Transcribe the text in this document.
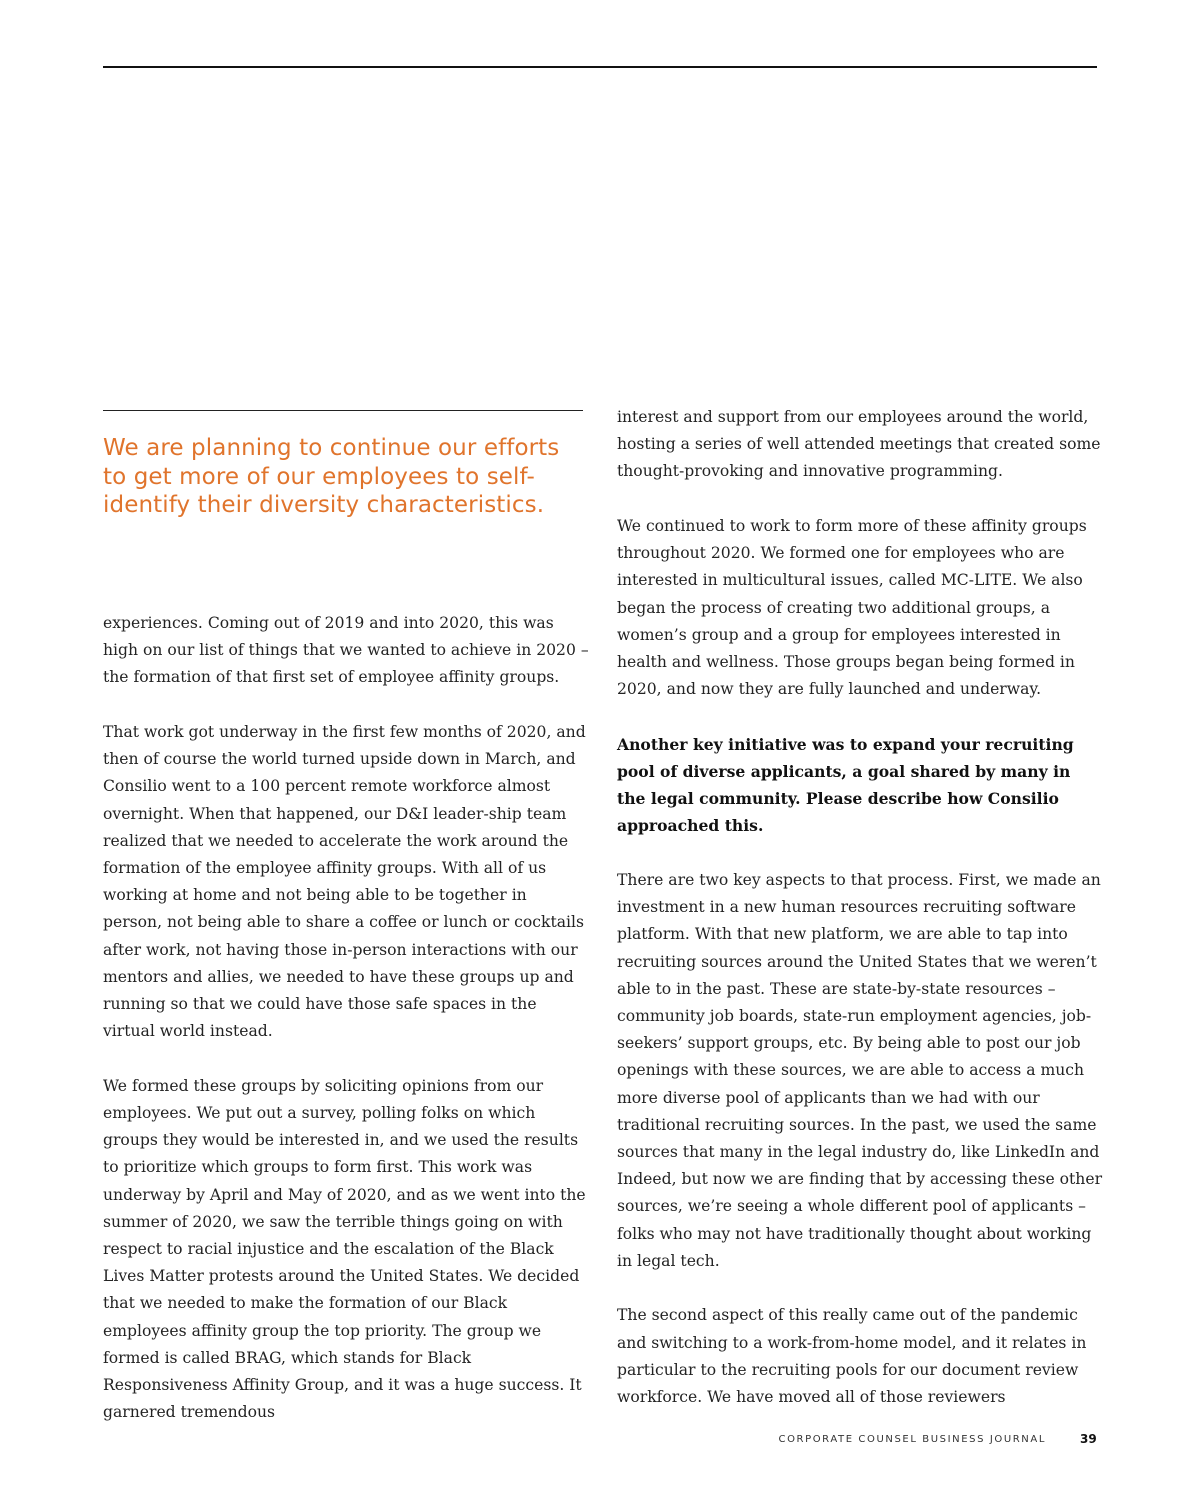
We are planning to continue our efforts to get more of our employees to self-identify their diversity characteristics.

experiences. Coming out of 2019 and into 2020, this was high on our list of things that we wanted to achieve in 2020 – the formation of that first set of employee affinity groups.

That work got underway in the first few months of 2020, and then of course the world turned upside down in March, and Consilio went to a 100 percent remote workforce almost overnight. When that happened, our D&I leader-ship team realized that we needed to accelerate the work around the formation of the employee affinity groups. With all of us working at home and not being able to be together in person, not being able to share a coffee or lunch or cocktails after work, not having those in-person interactions with our mentors and allies, we needed to have these groups up and running so that we could have those safe spaces in the virtual world instead.

We formed these groups by soliciting opinions from our employees. We put out a survey, polling folks on which groups they would be interested in, and we used the results to prioritize which groups to form first. This work was underway by April and May of 2020, and as we went into the summer of 2020, we saw the terrible things going on with respect to racial injustice and the escalation of the Black Lives Matter protests around the United States. We decided that we needed to make the formation of our Black employees affinity group the top priority. The group we formed is called BRAG, which stands for Black Responsiveness Affinity Group, and it was a huge success. It garnered tremendous

interest and support from our employees around the world, hosting a series of well attended meetings that created some thought-provoking and innovative programming.

We continued to work to form more of these affinity groups throughout 2020. We formed one for employees who are interested in multicultural issues, called MC-LITE. We also began the process of creating two additional groups, a women’s group and a group for employees interested in health and wellness. Those groups began being formed in 2020, and now they are fully launched and underway.

Another key initiative was to expand your recruiting pool of diverse applicants, a goal shared by many in the legal community. Please describe how Consilio approached this.

There are two key aspects to that process. First, we made an investment in a new human resources recruiting software platform. With that new platform, we are able to tap into recruiting sources around the United States that we weren’t able to in the past. These are state-by-state resources – community job boards, state-run employment agencies, job-seekers’ support groups, etc. By being able to post our job openings with these sources, we are able to access a much more diverse pool of applicants than we had with our traditional recruiting sources. In the past, we used the same sources that many in the legal industry do, like LinkedIn and Indeed, but now we are finding that by accessing these other sources, we’re seeing a whole different pool of applicants – folks who may not have traditionally thought about working in legal tech.

The second aspect of this really came out of the pandemic and switching to a work-from-home model, and it relates in particular to the recruiting pools for our document review workforce. We have moved all of those reviewers

CORPORATE COUNSEL BUSINESS JOURNAL	39
